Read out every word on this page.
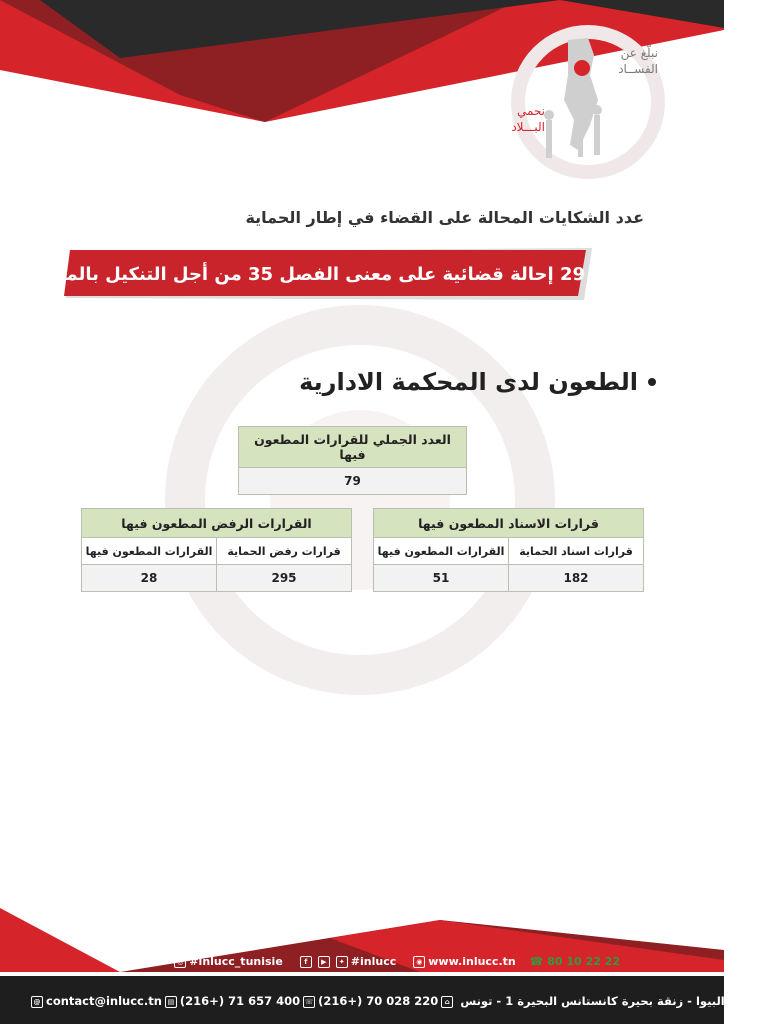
نبلّغ عن
الفســاد
نحمي
البـــلاد
عدد الشكايات المحالة على القضاء في إطار الحماية
29 إحالة قضائية على معنى الفصل 35 من أجل التنكيل بالمبلغين
الطعون لدى المحكمة الادارية
العدد الجملي للقرارات المطعون فيها
79
قرارات الاسناد المطعون فيها	
قرارات اسناد الحماية	القرارات المطعون فيها
182	51
القرارات الرفض المطعون فيها	
قرارات رفض الحماية	القرارات المطعون فيها
295	28
◎ #inlucc_tunisie	f ▶ ✦ #inlucc	◉ www.inlucc.tn ☎ 80 10 22 22
@ contact@inlucc.tn ▤ (216+) 71 657 400 ☏ (216+) 70 028 220	بحيرة البيوا - زنقة بحيرة كانستانس البحيرة 1 - تونس ⌂
